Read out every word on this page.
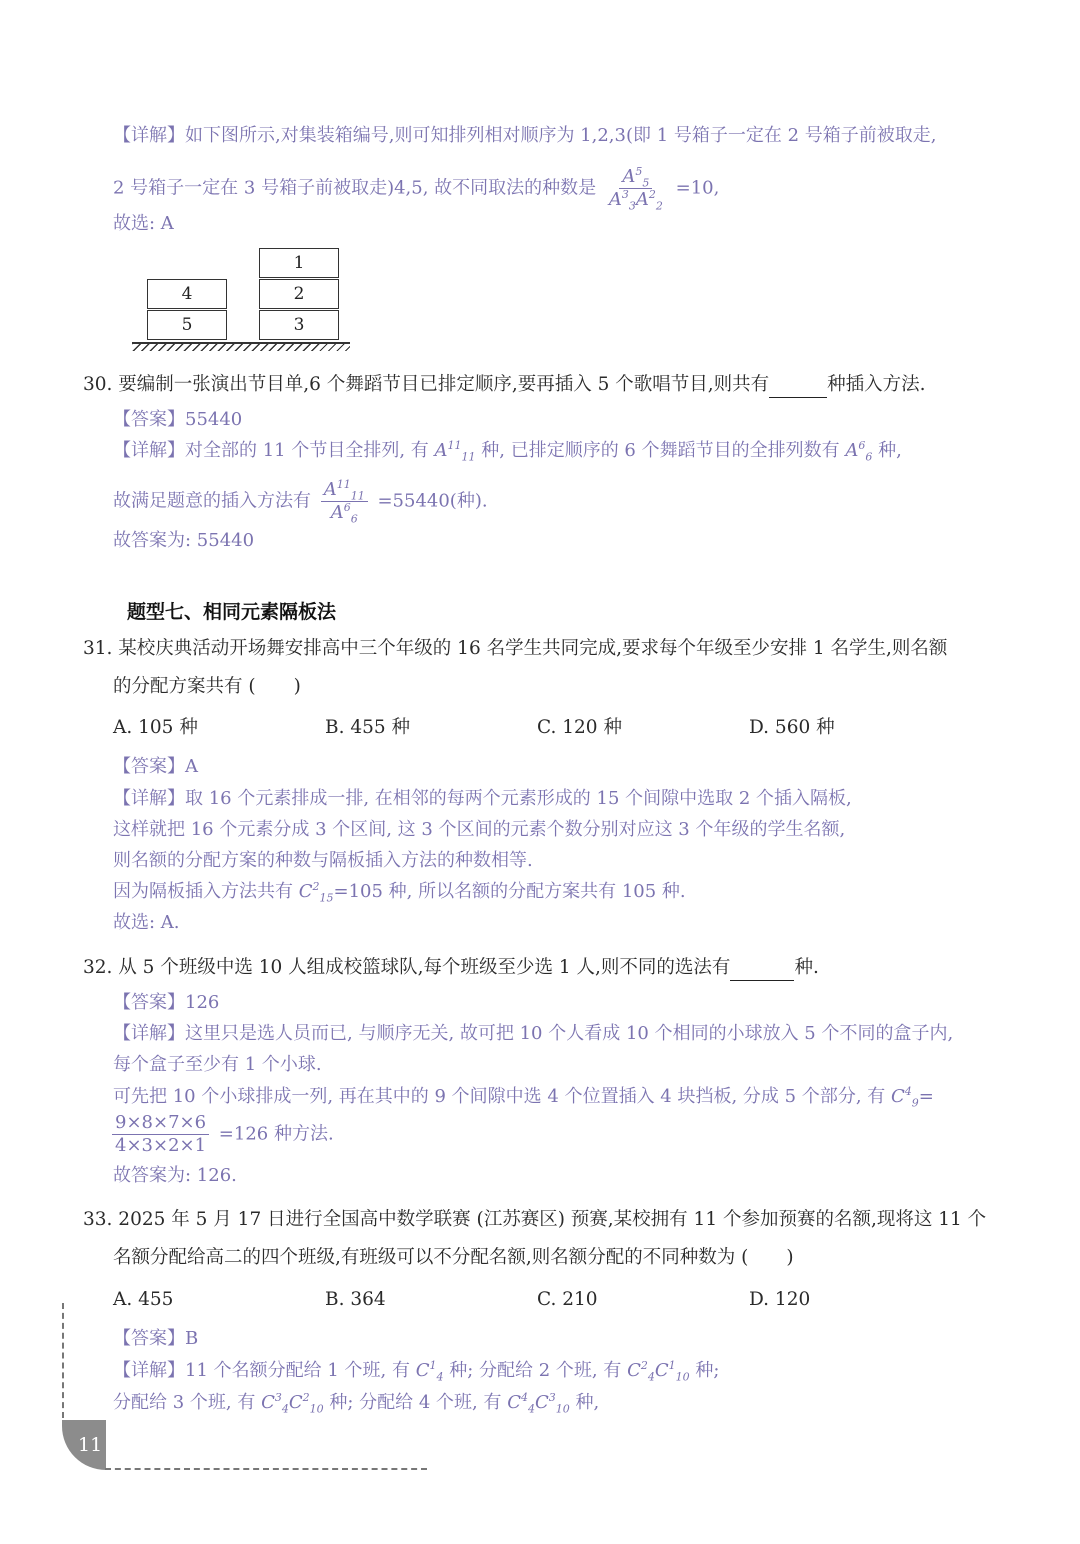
【详解】如下图所示,对集装箱编号,则可知排列相对顺序为 1,2,3(即 1 号箱子一定在 2 号箱子前被取走,
2 号箱子一定在 3 号箱子前被取走)4,5, 故不同取法的种数是 $\frac{A^5_5}{A^3_3A^2_2} =10$,
故选: A
1
2
3
4
5
30. 要编制一张演出节目单,6 个舞蹈节目已排定顺序,要再插入 5 个歌唱节目,则共有	种插入方法.
【答案】55440
【详解】对全部的 11 个节目全排列, 有 $A^{11}_{11}$ 种, 已排定顺序的 6 个舞蹈节目的全排列数有 $A^6_6$ 种,
故满足题意的插入方法有 $\frac{A^{11}_{11}}{A^6_6} =55440$(种).
故答案为: 55440
题型七、相同元素隔板法
31. 某校庆典活动开场舞安排高中三个年级的 16 名学生共同完成,要求每个年级至少安排 1 名学生,则名额
的分配方案共有 ( )
A. 105 种	B. 455 种	C. 120 种	D. 560 种
【答案】A
【详解】取 16 个元素排成一排, 在相邻的每两个元素形成的 15 个间隙中选取 2 个插入隔板,
这样就把 16 个元素分成 3 个区间, 这 3 个区间的元素个数分别对应这 3 个年级的学生名额,
则名额的分配方案的种数与隔板插入方法的种数相等.
因为隔板插入方法共有 $C^2_{15}=105$ 种, 所以名额的分配方案共有 105 种.
故选: A.
32. 从 5 个班级中选 10 人组成校篮球队,每个班级至少选 1 人,则不同的选法有	种.
【答案】126
【详解】这里只是选人员而已, 与顺序无关, 故可把 10 个人看成 10 个相同的小球放入 5 个不同的盒子内,
每个盒子至少有 1 个小球.
可先把 10 个小球排成一列, 再在其中的 9 个间隙中选 4 个位置插入 4 块挡板, 分成 5 个部分, 有 $C^4_9=$
$\frac{9\times 8\times 7\times 6}{4\times 3\times 2\times 1} =126$ 种方法.
故答案为: 126.
33. 2025 年 5 月 17 日进行全国高中数学联赛 (江苏赛区) 预赛,某校拥有 11 个参加预赛的名额,现将这 11 个
名额分配给高二的四个班级,有班级可以不分配名额,则名额分配的不同种数为 ( )
A. 455	B. 364	C. 210	D. 120
【答案】B
【详解】11 个名额分配给 1 个班, 有 $C^1_4$ 种; 分配给 2 个班, 有 $C^2_4C^1_{10}$ 种;
分配给 3 个班, 有 $C^3_4C^2_{10}$ 种; 分配给 4 个班, 有 $C^4_4C^3_{10}$ 种,
11
